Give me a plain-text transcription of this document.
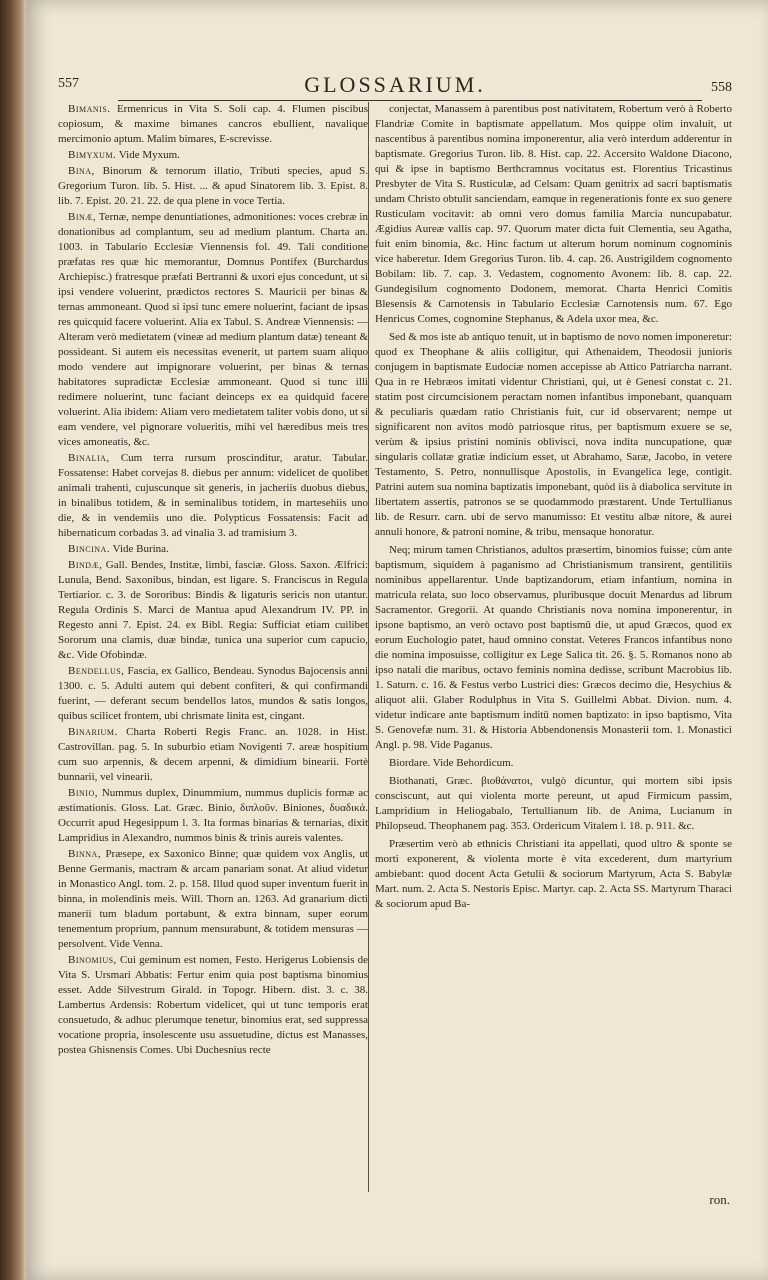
557	GLOSSARIUM.	558

Bimanis. Ermenricus in Vita S. Soli cap. 4. Flumen piscibus copiosum, & maxime bimanes cancros ebullient, navalique mercimonio aptum. Malim bimares, Ε-screvisse.

Bimyxum. Vide Myxum.

Bina, Binorum & ternorum illatio, Tributi species, apud S. Gregorium Turon. lib. 5. Hist. ... & apud Sinatorem lib. 3. Epist. 8. lib. 7. Epist. 20. 21. 22. de qua plene in voce Tertia.

Binæ, Ternæ, nempe denuntiationes, admonitiones: voces crebræ in donationibus ad complantum, seu ad medium plantum. Charta an. 1003. in Tabulario Ecclesiæ Viennensis fol. 49. Tali conditione præfatas res quæ hic memorantur, Domnus Pontifex (Burchardus Archiepisc.) fratresque præfati Bertranni & uxori ejus concedunt, ut si ipsi vendere voluerint, prædictos rectores S. Mauricii per binas & ternas ammoneant. Quod si ipsi tunc emere noluerint, faciant de ipsas res quicquid facere voluerint. Alia ex Tabul. S. Andreæ Viennensis: — Alteram verò medietatem (vineæ ad medium plantum datæ) teneant & possideant. Si autem eis necessitas evenerit, ut partem suam aliquo modo vendere aut impignorare voluerint, per binas & ternas habitatores supradictæ Ecclesiæ ammoneant. Quod si tunc illi redimere noluerint, tunc faciant deinceps ex ea quidquid facere voluerint. Alia ibidem: Aliam vero medietatem taliter vobis dono, ut si eam vendere, vel pignorare volueritis, mihi vel hæredibus meis tres vices amoneatis, &c.

Binalia, Cum terra rursum proscinditur, aratur. Tabular. Fossatense: Habet corvejas 8. diebus per annum: videlicet de quolibet animali trahenti, cujuscunque sit generis, in jacheriis duobus diebus, in binalibus totidem, & in seminalibus totidem, in martesehiis uno die, & in vendemiis uno die. Polypticus Fossatensis: Facit ad hibernaticum corbadas 3. ad vinalia 3. ad tramisium 3.

Bincina. Vide Burina.

Bindæ, Gall. Bendes, Institæ, limbi, fasciæ. Gloss. Saxon. Ælfrici: Lunula, Bend. Saxonibus, bindan, est ligare. S. Franciscus in Regula Tertiarior. c. 3. de Sororibus: Bindis & ligaturis sericis non utantur. Regula Ordinis S. Marci de Mantua apud Alexandrum IV. PP. in Regesto anni 7. Epist. 24. ex Bibl. Regia: Sufficiat etiam cuilibet Sororum una clamis, duæ bindæ, tunica una superior cum capucio, &c. Vide Ofobindæ.

Bendellus, Fascia, ex Gallico, Bendeau. Synodus Bajocensis anni 1300. c. 5. Adulti autem qui debent confiteri, & qui confirmandi fuerint, — deferant secum bendellos latos, mundos & satis longos, quibus scilicet frontem, ubi chrismate linita est, cingant.

Binarium. Charta Roberti Regis Franc. an. 1028. in Hist. Castrovillan. pag. 5. In suburbio etiam Novigenti 7. areæ hospitium cum suo arpennis, & decem arpenni, & dimidium binearii. Fortè bunnarii, vel vinearii.

Binio, Nummus duplex, Dinummium, nummus duplicis formæ ac æstimationis. Gloss. Lat. Græc. Binio, διπλοῦν. Biniones, δυαδικά. Occurrit apud Hegesippum l. 3. Ita formas binarias & ternarias, dixit Lampridius in Alexandro, nummos binis & trinis aureis valentes.

Binna, Præsepe, ex Saxonico Binne; quæ quidem vox Anglis, ut Benne Germanis, mactram & arcam panariam sonat. At aliud videtur in Monastico Angl. tom. 2. p. 158. Illud quod super inventum fuerit in binna, in molendinis meis. Will. Thorn an. 1263. Ad granarium dicti manerii tum bladum portabunt, & extra binnam, super eorum tenementum proprium, pannum mensurabunt, & totidem mensuras — persolvent. Vide Venna.

Binomius, Cui geminum est nomen, Festo. Herigerus Lobiensis de Vita S. Ursmari Abbatis: Fertur enim quia post baptisma binomius esset. Adde Silvestrum Girald. in Topogr. Hibern. dist. 3. c. 38. Lambertus Ardensis: Robertum videlicet, qui ut tunc temporis erat consuetudo, & adhuc plerumque tenetur, binomius erat, sed suppressa vocatione propria, insolescente usu assuetudine, dictus est Manasses, postea Ghisnensis Comes. Ubi Duchesnius recte

conjectat, Manassem à parentibus post nativitatem, Robertum verò à Roberto Flandriæ Comite in baptismate appellatum. Mos quippe olim invaluit, ut nascentibus à parentibus nomina imponerentur, alia verò interdum adderentur in baptismate. Gregorius Turon. lib. 8. Hist. cap. 22. Accersito Waldone Diacono, qui & ipse in baptismo Berthcramnus vocitatus est. Florentius Tricastinus Presbyter de Vita S. Rusticulæ, ad Celsam: Quam genitrix ad sacri baptismatis undam Christo obtulit sanciendam, eamque in regenerationis fonte ex suo genere Rusticulam vocitavit: ab omni vero domus familia Marcia nuncupabatur. Ægidius Aureæ vallis cap. 97. Quorum mater dicta fuit Clementia, seu Agatha, fuit enim binomia, &c. Hinc factum ut alterum horum nominum cognominis vice haberetur. Idem Gregorius Turon. lib. 4. cap. 26. Austrigildem cognomento Bobilam: lib. 7. cap. 3. Vedastem, cognomento Avonem: lib. 8. cap. 22. Gundegisilum cognomento Dodonem, memorat. Charta Henrici Comitis Blesensis & Carnotensis in Tabulario Ecclesiæ Carnotensis num. 67. Ego Henricus Comes, cognomine Stephanus, & Adela uxor mea, &c.

Sed & mos iste ab antiquo tenuit, ut in baptismo de novo nomen imponeretur: quod ex Theophane & aliis colligitur, qui Athenaidem, Theodosii junioris conjugem in baptismate Eudociæ nomen accepisse ab Attico Patriarcha narrant. Qua in re Hebræos imitati videntur Christiani, qui, ut è Genesi constat c. 21. statim post circumcisionem peractam nomen infantibus imponebant, quanquam & peculiaris quædam ratio Christianis fuit, cur id observarent; nempe ut significarent non avitos modò patriosque ritus, per baptismum exuere se se, verùm & ipsius pristini nominis oblivisci, nova indita nuncupatione, quæ singularis collatæ gratiæ indicium esset, ut Abrahamo, Saræ, Jacobo, in vetere Testamento, S. Petro, nonnullisque Apostolis, in Evangelica lege, contigit. Patrini autem sua nomina baptizatis imponebant, quòd iis à diabolica servitute in libertatem assertis, patronos se se quodammodo præstarent. Unde Tertullianus lib. de Resurr. carn. ubi de servo manumisso: Et vestitu albæ nitore, & aurei annuli honore, & patroni nomine, & tribu, mensaque honoratur.

Neq; mirum tamen Christianos, adultos præsertim, binomios fuisse; cùm ante baptismum, siquidem à paganismo ad Christianismum transirent, gentilitiis nominibus appellarentur. Unde baptizandorum, etiam infantium, nomina in matricula relata, suo loco observamus, pluribusque docuit Menardus ad librum Sacramentor. Gregorii. At quando Christianis nova nomina imponerentur, in ipsone baptismo, an verò octavo post baptismū die, ut apud Græcos, quod ex eorum Euchologio patet, haud omnino constat. Veteres Francos infantibus nono die nomina imposuisse, colligitur ex Lege Salica tit. 26. §. 5. Romanos nono ab ipso natali die maribus, octavo feminis nomina dedisse, scribunt Macrobius lib. 1. Saturn. c. 16. & Festus verbo Lustrici dies: Græcos decimo die, Hesychius & aliquot alii. Glaber Rodulphus in Vita S. Guillelmi Abbat. Divion. num. 4. videtur indicare ante baptismum inditū nomen baptizato: in ipso baptismo, Vita S. Genovefæ num. 31. & Historia Abbendonensis Monasterii tom. 1. Monastici Angl. p. 98. Vide Paganus.

Biordare. Vide Behordicum.

Biothanati, Græc. βιοθάνατοι, vulgò dicuntur, qui mortem sibi ipsis consciscunt, aut qui violenta morte pereunt, ut apud Firmicum passim, Lampridium in Heliogabalo, Tertullianum lib. de Anima, Lucianum in Philopseud. Theophanem pag. 353. Ordericum Vitalem l. 18. p. 911. &c.

Præsertim verò ab ethnicis Christiani ita appellati, quod ultro & sponte se morti exponerent, & violenta morte è vita excederent, dum martyrium ambiebant: quod docent Acta Getulii & sociorum Martyrum, Acta S. Babylæ Mart. num. 2. Acta S. Nestoris Episc. Martyr. cap. 2. Acta SS. Martyrum Tharaci & sociorum apud Ba-

ron.
